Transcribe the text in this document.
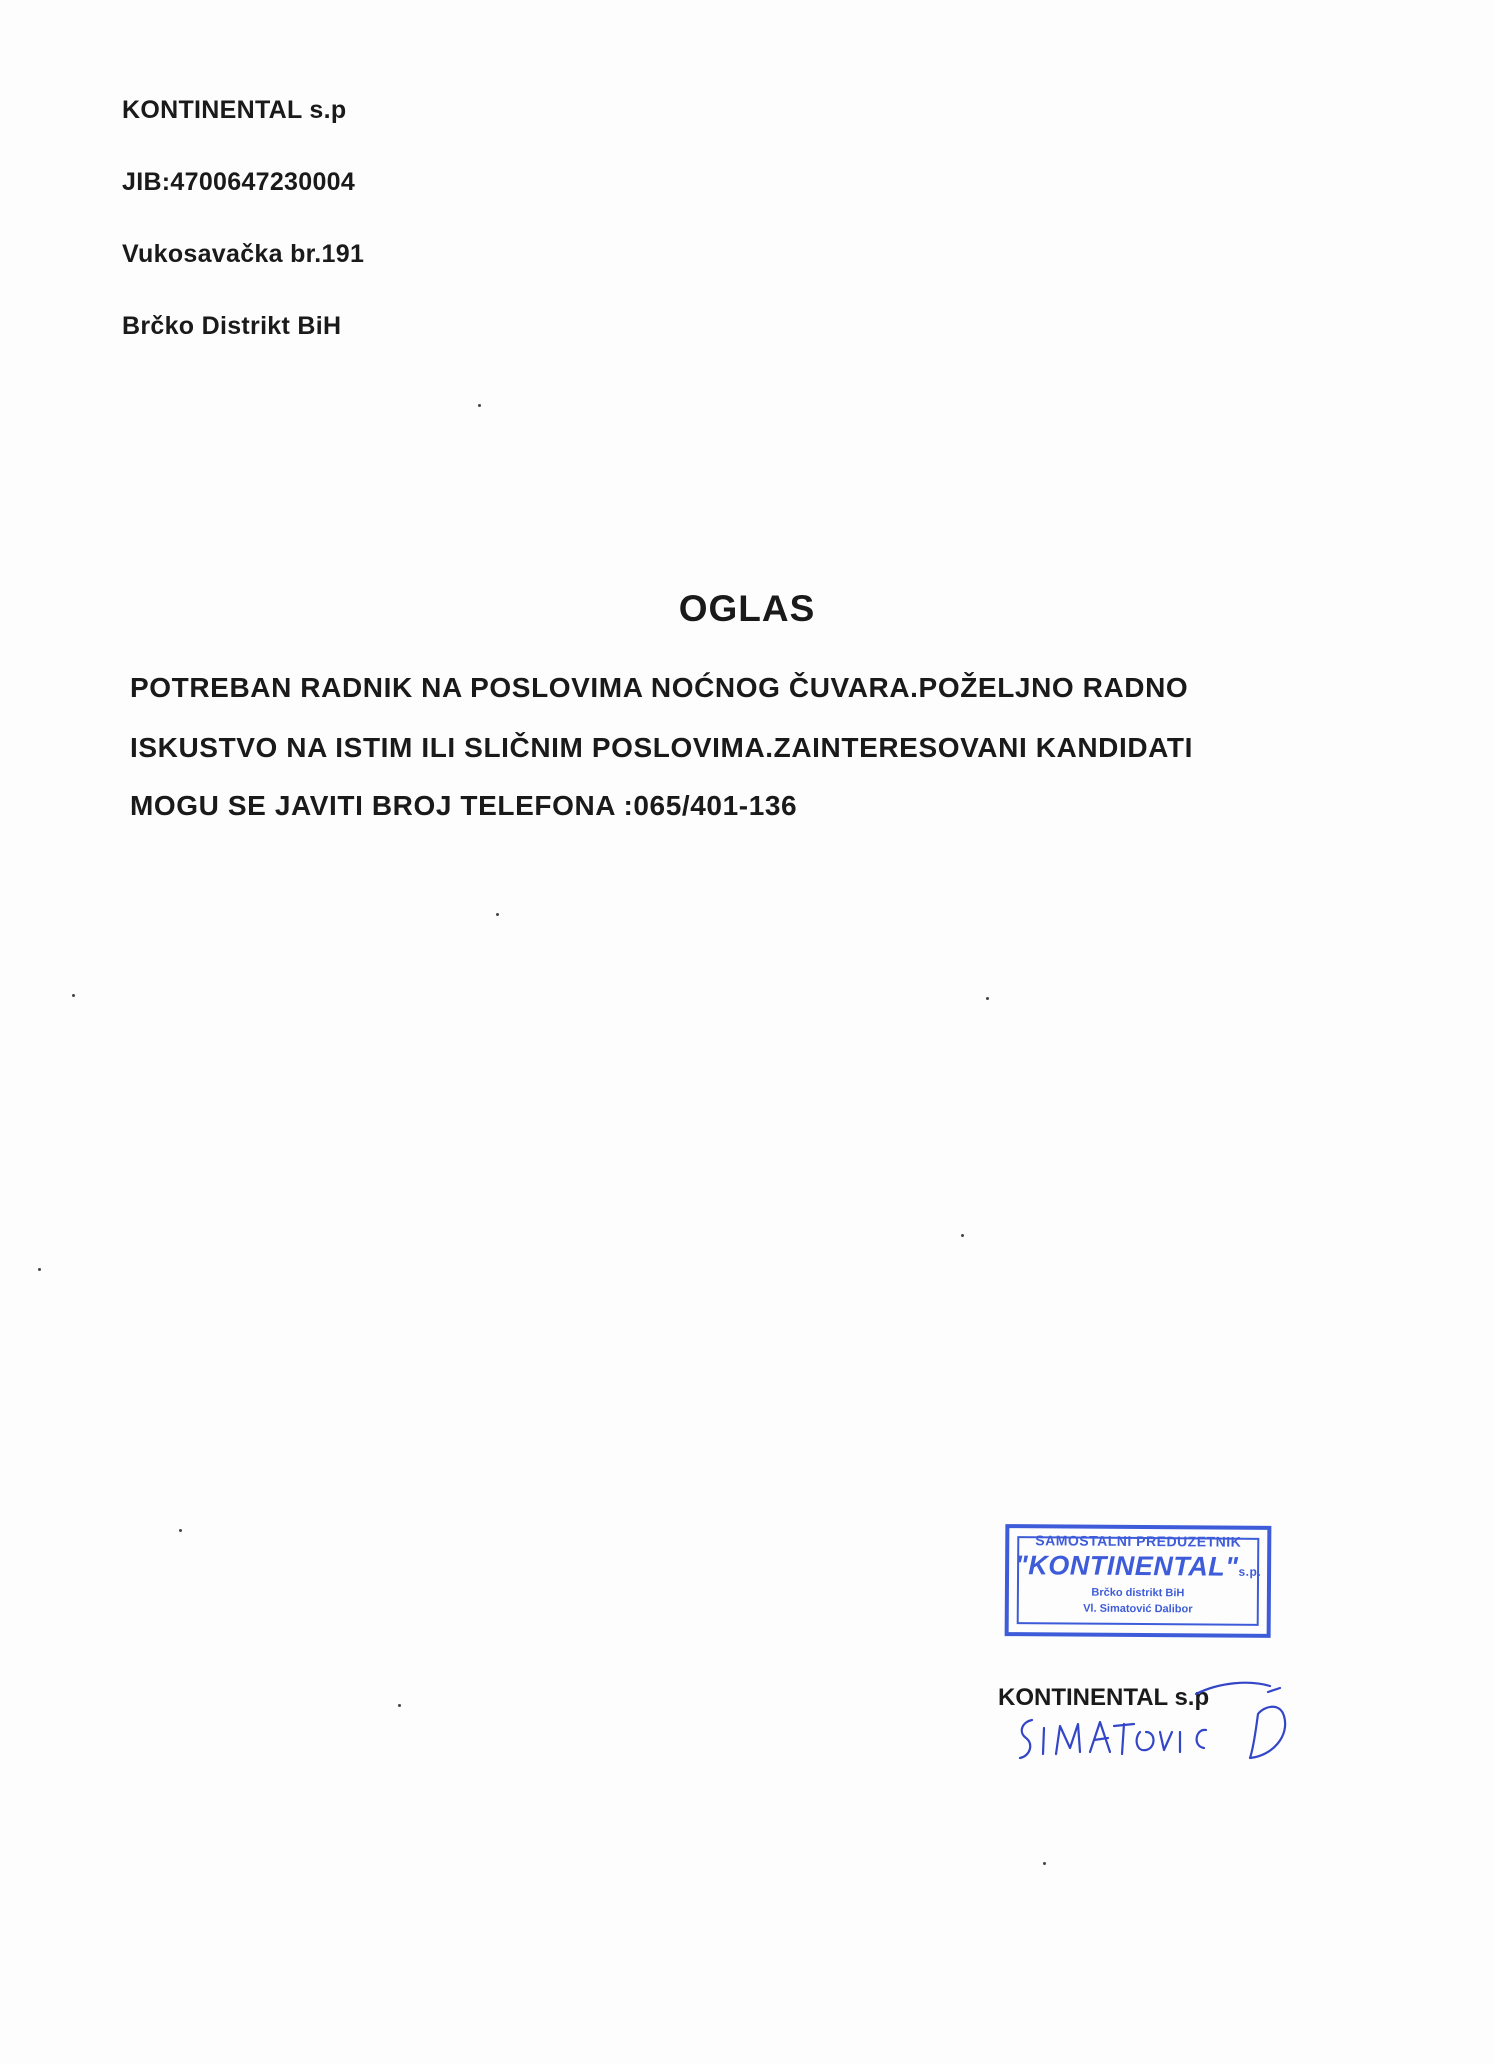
KONTINENTAL s.p
JIB:4700647230004
Vukosavačka br.191
Brčko Distrikt BiH
OGLAS
POTREBAN RADNIK NA POSLOVIMA NOĆNOG ČUVARA.POŽELJNO RADNO
ISKUSTVO NA ISTIM ILI SLIČNIM POSLOVIMA.ZAINTERESOVANI KANDIDATI
MOGU SE JAVITI BROJ TELEFONA :065/401-136
SAMOSTALNI PREDUZETNIK
"KONTINENTAL"s.p.
Brčko distrikt BiH
Vl. Simatović Dalibor
KONTINENTAL s.p
